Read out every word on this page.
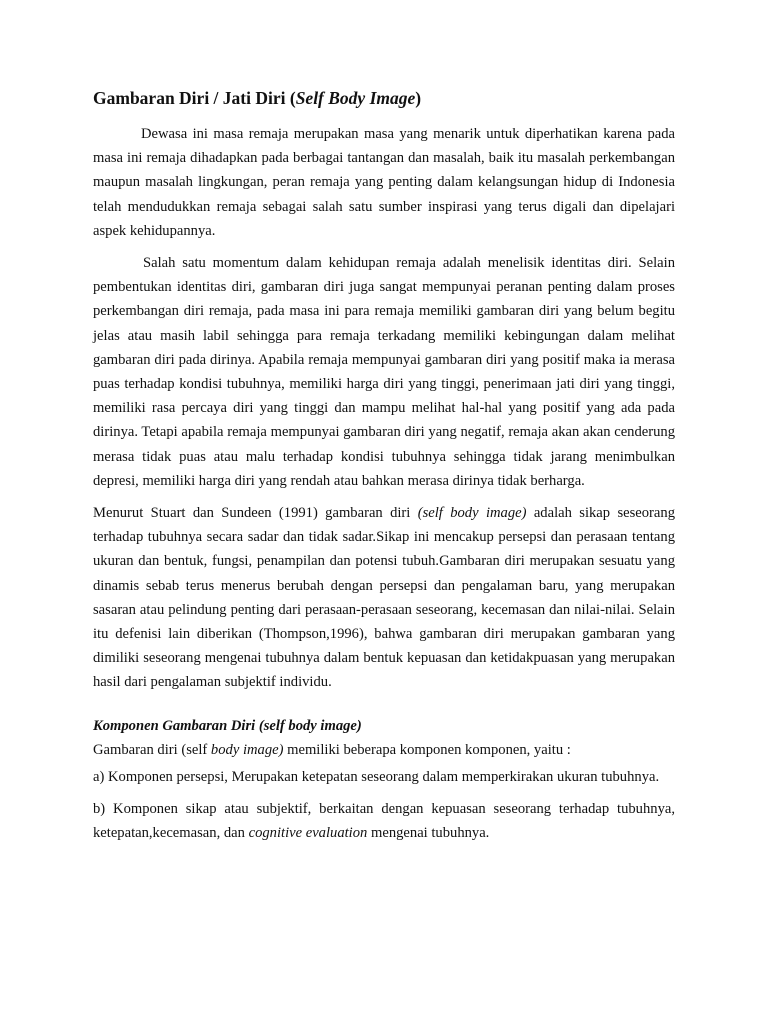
Gambaran Diri / Jati Diri (Self Body Image)

Dewasa ini masa remaja merupakan masa yang menarik untuk diperhatikan karena pada masa ini remaja dihadapkan pada berbagai tantangan dan masalah, baik itu masalah perkembangan maupun masalah lingkungan, peran remaja yang penting dalam kelangsungan hidup di Indonesia telah mendudukkan remaja sebagai salah satu sumber inspirasi yang terus digali dan dipelajari aspek kehidupannya.

Salah satu momentum dalam kehidupan remaja adalah menelisik identitas diri. Selain pembentukan identitas diri, gambaran diri juga sangat mempunyai peranan penting dalam proses perkembangan diri remaja, pada masa ini para remaja memiliki gambaran diri yang belum begitu jelas atau masih labil sehingga para remaja terkadang memiliki kebingungan dalam melihat gambaran diri pada dirinya. Apabila remaja mempunyai gambaran diri yang positif maka ia merasa puas terhadap kondisi tubuhnya, memiliki harga diri yang tinggi, penerimaan jati diri yang tinggi, memiliki rasa percaya diri yang tinggi dan mampu melihat hal-hal yang positif yang ada pada dirinya. Tetapi apabila remaja mempunyai gambaran diri yang negatif, remaja akan akan cenderung merasa tidak puas atau malu terhadap kondisi tubuhnya sehingga tidak jarang menimbulkan depresi, memiliki harga diri yang rendah atau bahkan merasa dirinya tidak berharga.

Menurut Stuart dan Sundeen (1991) gambaran diri (self body image) adalah sikap seseorang terhadap tubuhnya secara sadar dan tidak sadar.Sikap ini mencakup persepsi dan perasaan tentang ukuran dan bentuk, fungsi, penampilan dan potensi tubuh.Gambaran diri merupakan sesuatu yang dinamis sebab terus menerus berubah dengan persepsi dan pengalaman baru, yang merupakan sasaran atau pelindung penting dari perasaan-perasaan seseorang, kecemasan dan nilai-nilai. Selain itu defenisi lain diberikan (Thompson,1996), bahwa gambaran diri merupakan gambaran yang dimiliki seseorang mengenai tubuhnya dalam bentuk kepuasan dan ketidakpuasan yang merupakan hasil dari pengalaman subjektif individu.

Komponen Gambaran Diri (self body image)

Gambaran diri (self body image) memiliki beberapa komponen komponen, yaitu :

a) Komponen persepsi, Merupakan ketepatan seseorang dalam memperkirakan ukuran tubuhnya.

b) Komponen sikap atau subjektif, berkaitan dengan kepuasan seseorang terhadap tubuhnya, ketepatan,kecemasan, dan cognitive evaluation mengenai tubuhnya.
